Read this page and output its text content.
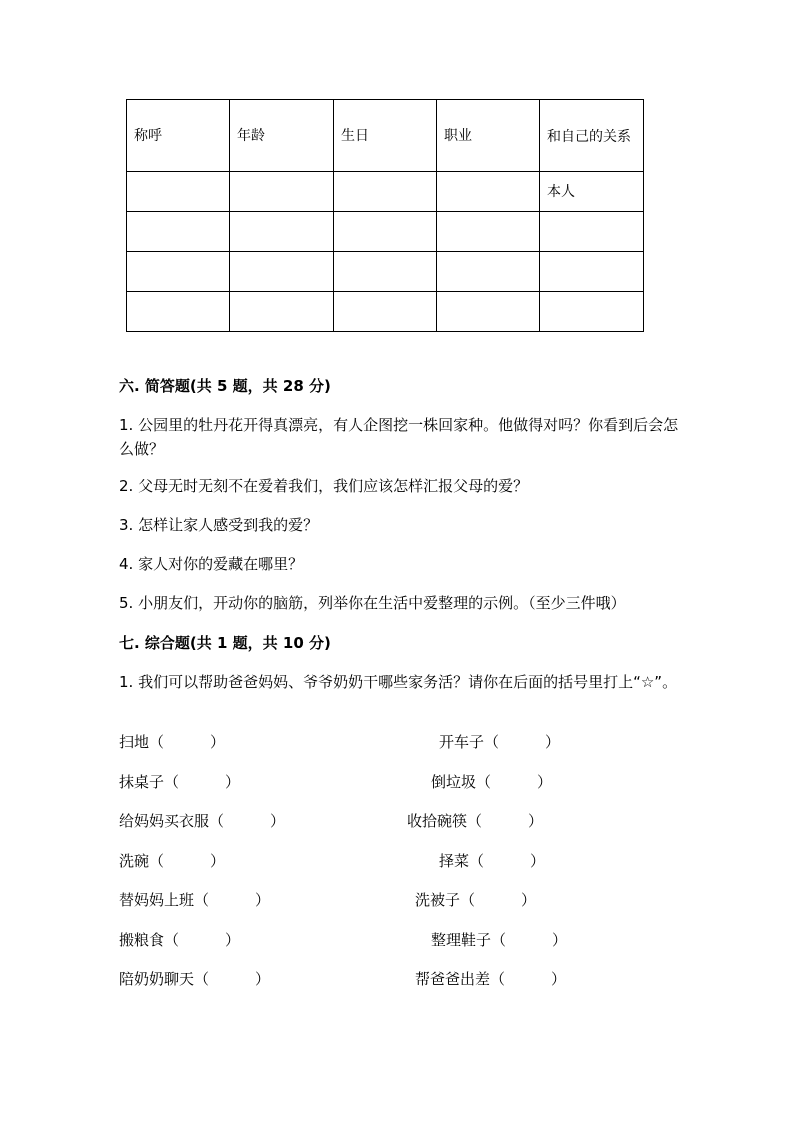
称呼	年龄	生日	职业	和自己的关系
				本人

六. 简答题(共 5 题，共 28 分)
1. 公园里的牡丹花开得真漂亮，有人企图挖一株回家种。他做得对吗？你看到后会怎么做？
2. 父母无时无刻不在爱着我们，我们应该怎样汇报父母的爱？
3. 怎样让家人感受到我的爱？
4. 家人对你的爱藏在哪里？
5. 小朋友们，开动你的脑筋，列举你在生活中爱整理的示例。（至少三件哦）
七. 综合题(共 1 题，共 10 分)
1. 我们可以帮助爸爸妈妈、爷爷奶奶干哪些家务活？请你在后面的括号里打上“☆”。
扫地（	）
抹桌子（	）
给妈妈买衣服（	）
洗碗（	）
替妈妈上班（	）
搬粮食（	）
陪奶奶聊天（	）
开车子（	）
倒垃圾（	）
收拾碗筷（	）
择菜（	）
洗被子（	）
整理鞋子（	）
帮爸爸出差（	）
